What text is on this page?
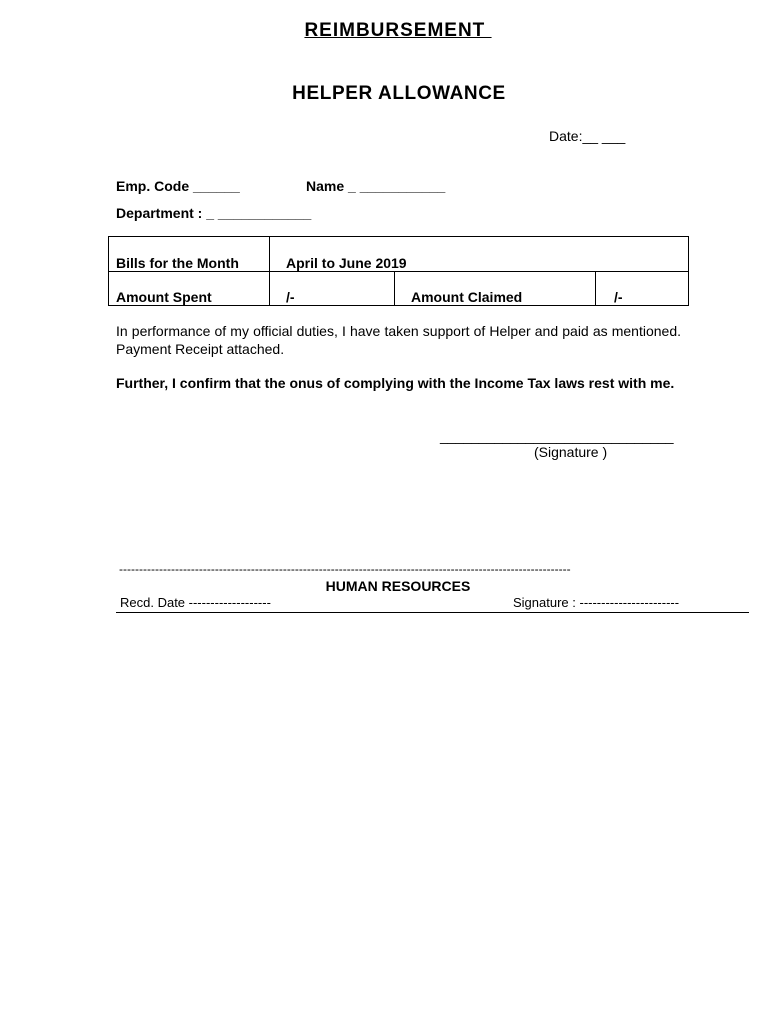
REIMBURSEMENT
HELPER ALLOWANCE
Date:__ ___
Emp. Code ______	Name _ ___________
Department : _ ____________
Bills for the Month	April to June 2019		
Amount Spent	/-	Amount Claimed	/-
In performance of my official duties, I have taken support of Helper and paid as mentioned. Payment Receipt attached.
Further, I confirm that the onus of complying with the Income Tax laws rest with me.
______________________________
(Signature )
-----------------------------------------------------------------------------------------------------------------
HUMAN RESOURCES
Recd. Date -------------------	Signature : -----------------------
